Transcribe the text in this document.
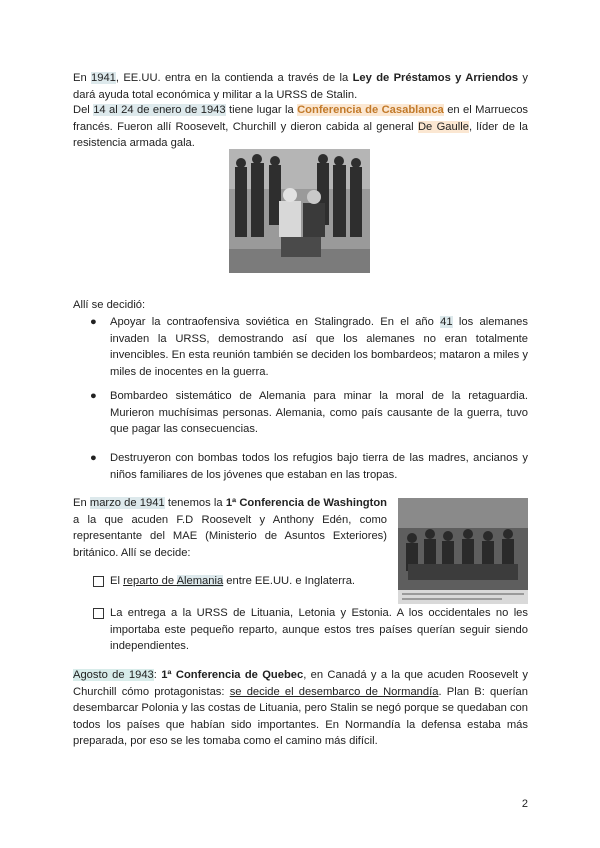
En 1941, EE.UU. entra en la contienda a través de la Ley de Préstamos y Arriendos y dará ayuda total económica y militar a la URSS de Stalin.
Del 14 al 24 de enero de 1943 tiene lugar la Conferencia de Casablanca en el Marruecos francés. Fueron allí Roosevelt, Churchill y dieron cabida al general De Gaulle, líder de la resistencia armada gala.
Allí se decidió:
● Apoyar la contraofensiva soviética en Stalingrado. En el año 41 los alemanes invaden la URSS, demostrando así que los alemanes no eran totalmente invencibles. En esta reunión también se deciden los bombardeos; mataron a miles y miles de inocentes en la guerra.
● Bombardeo sistemático de Alemania para minar la moral de la retaguardia. Murieron muchísimas personas. Alemania, como país causante de la guerra, tuvo que pagar las consecuencias.
● Destruyeron con bombas todos los refugios bajo tierra de las madres, ancianos y niños familiares de los jóvenes que estaban en las tropas.
En marzo de 1941 tenemos la 1ª Conferencia de Washington a la que acuden F.D Roosevelt y Anthony Edén, como representante del MAE (Ministerio de Asuntos Exteriores) británico. Allí se decide:
El reparto de Alemania entre EE.UU. e Inglaterra.
La entrega a la URSS de Lituania, Letonia y Estonia. A los occidentales no les importaba este pequeño reparto, aunque estos tres países querían seguir siendo independientes.
Agosto de 1943: 1ª Conferencia de Quebec, en Canadá y a la que acuden Roosevelt y Churchill cómo protagonistas: se decide el desembarco de Normandía. Plan B: querían desembarcar Polonia y las costas de Lituania, pero Stalin se negó porque se quedaban con todos los países que habían sido importantes. En Normandía la defensa estaba más preparada, por eso se les tomaba como el camino más difícil.
2
